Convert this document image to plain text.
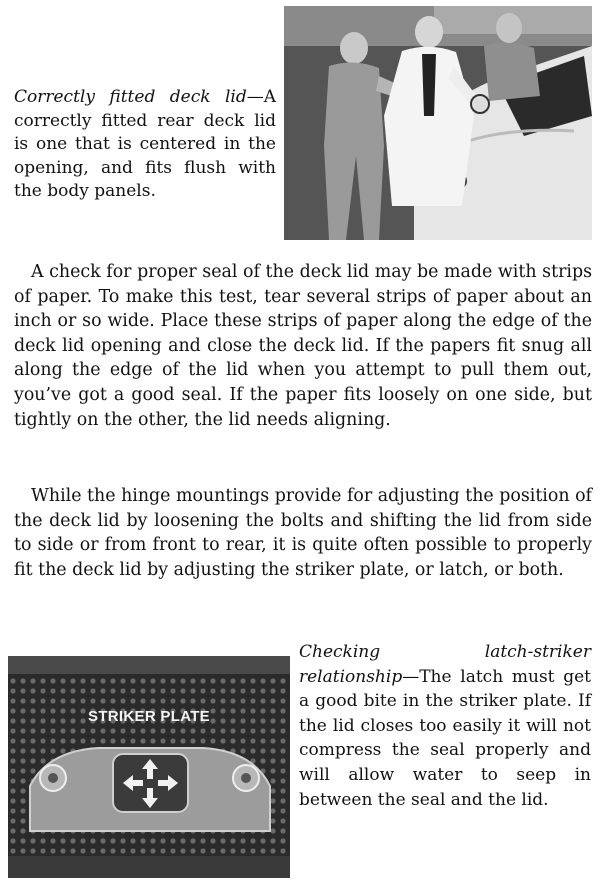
Correctly fitted deck lid—A correctly fitted rear deck lid is one that is centered in the opening, and fits flush with the body panels.

A check for proper seal of the deck lid may be made with strips of paper. To make this test, tear several strips of paper about an inch or so wide. Place these strips of paper along the edge of the deck lid opening and close the deck lid. If the papers fit snug all along the edge of the lid when you attempt to pull them out, you’ve got a good seal. If the paper fits loosely on one side, but tightly on the other, the lid needs aligning.

While the hinge mountings provide for adjusting the position of the deck lid by loosening the bolts and shifting the lid from side to side or from front to rear, it is quite often possible to properly fit the deck lid by adjusting the striker plate, or latch, or both.

STRIKER PLATE
Checking latch-striker relationship—The latch must get a good bite in the striker plate. If the lid closes too easily it will not compress the seal properly and will allow water to seep in between the seal and the lid.
